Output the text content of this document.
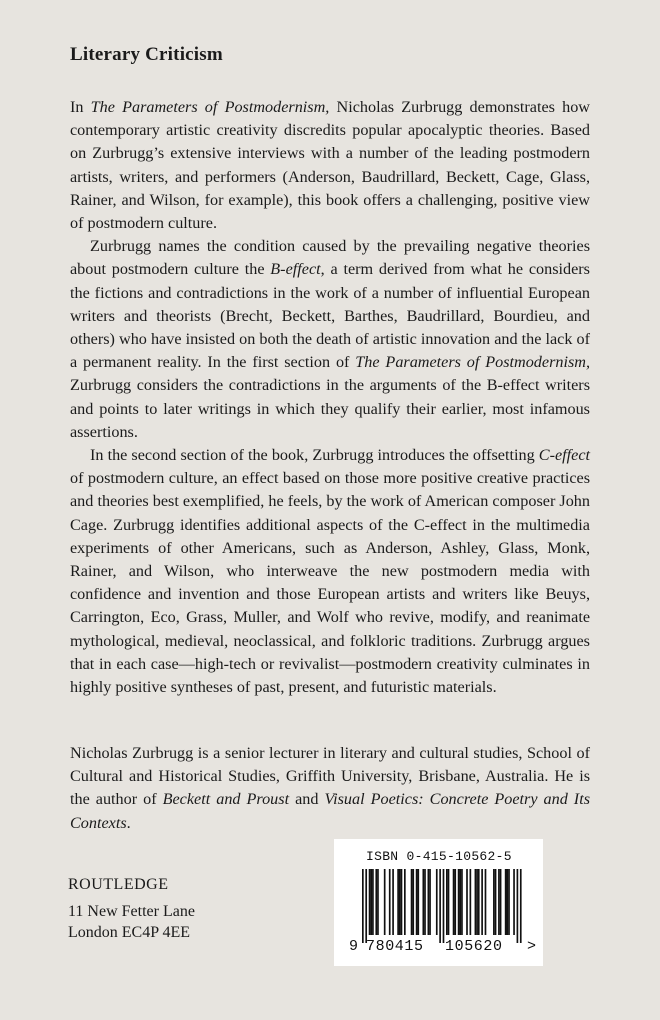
Literary Criticism

In The Parameters of Postmodernism, Nicholas Zurbrugg demonstrates how contemporary artistic creativity discredits popular apocalyptic theories. Based on Zurbrugg’s extensive interviews with a number of the leading postmodern artists, writers, and performers (Anderson, Baudrillard, Beckett, Cage, Glass, Rainer, and Wilson, for example), this book offers a challenging, positive view of postmodern culture.

Zurbrugg names the condition caused by the prevailing negative theories about postmodern culture the B-effect, a term derived from what he considers the fictions and contradictions in the work of a number of influential European writers and theorists (Brecht, Beckett, Barthes, Baudrillard, Bourdieu, and others) who have insisted on both the death of artistic innovation and the lack of a permanent reality. In the first section of The Parameters of Postmodernism, Zurbrugg considers the contradictions in the arguments of the B-effect writers and points to later writings in which they qualify their earlier, most infamous assertions.

In the second section of the book, Zurbrugg introduces the offsetting C-effect of postmodern culture, an effect based on those more positive creative practices and theories best exemplified, he feels, by the work of American composer John Cage. Zurbrugg identifies additional aspects of the C-effect in the multimedia experiments of other Americans, such as Anderson, Ashley, Glass, Monk, Rainer, and Wilson, who interweave the new postmodern media with confidence and invention and those European artists and writers like Beuys, Carrington, Eco, Grass, Muller, and Wolf who revive, modify, and reanimate mythological, medieval, neoclassical, and folkloric traditions. Zurbrugg argues that in each case—high-tech or revivalist—postmodern creativity culminates in highly positive syntheses of past, present, and futuristic materials.

Nicholas Zurbrugg is a senior lecturer in literary and cultural studies, School of Cultural and Historical Studies, Griffith University, Brisbane, Australia. He is the author of Beckett and Proust and Visual Poetics: Concrete Poetry and Its Contexts.

ROUTLEDGE
11 New Fetter Lane
London EC4P 4EE
ISBN 0-415-10562-5
9 780415 105620 >
